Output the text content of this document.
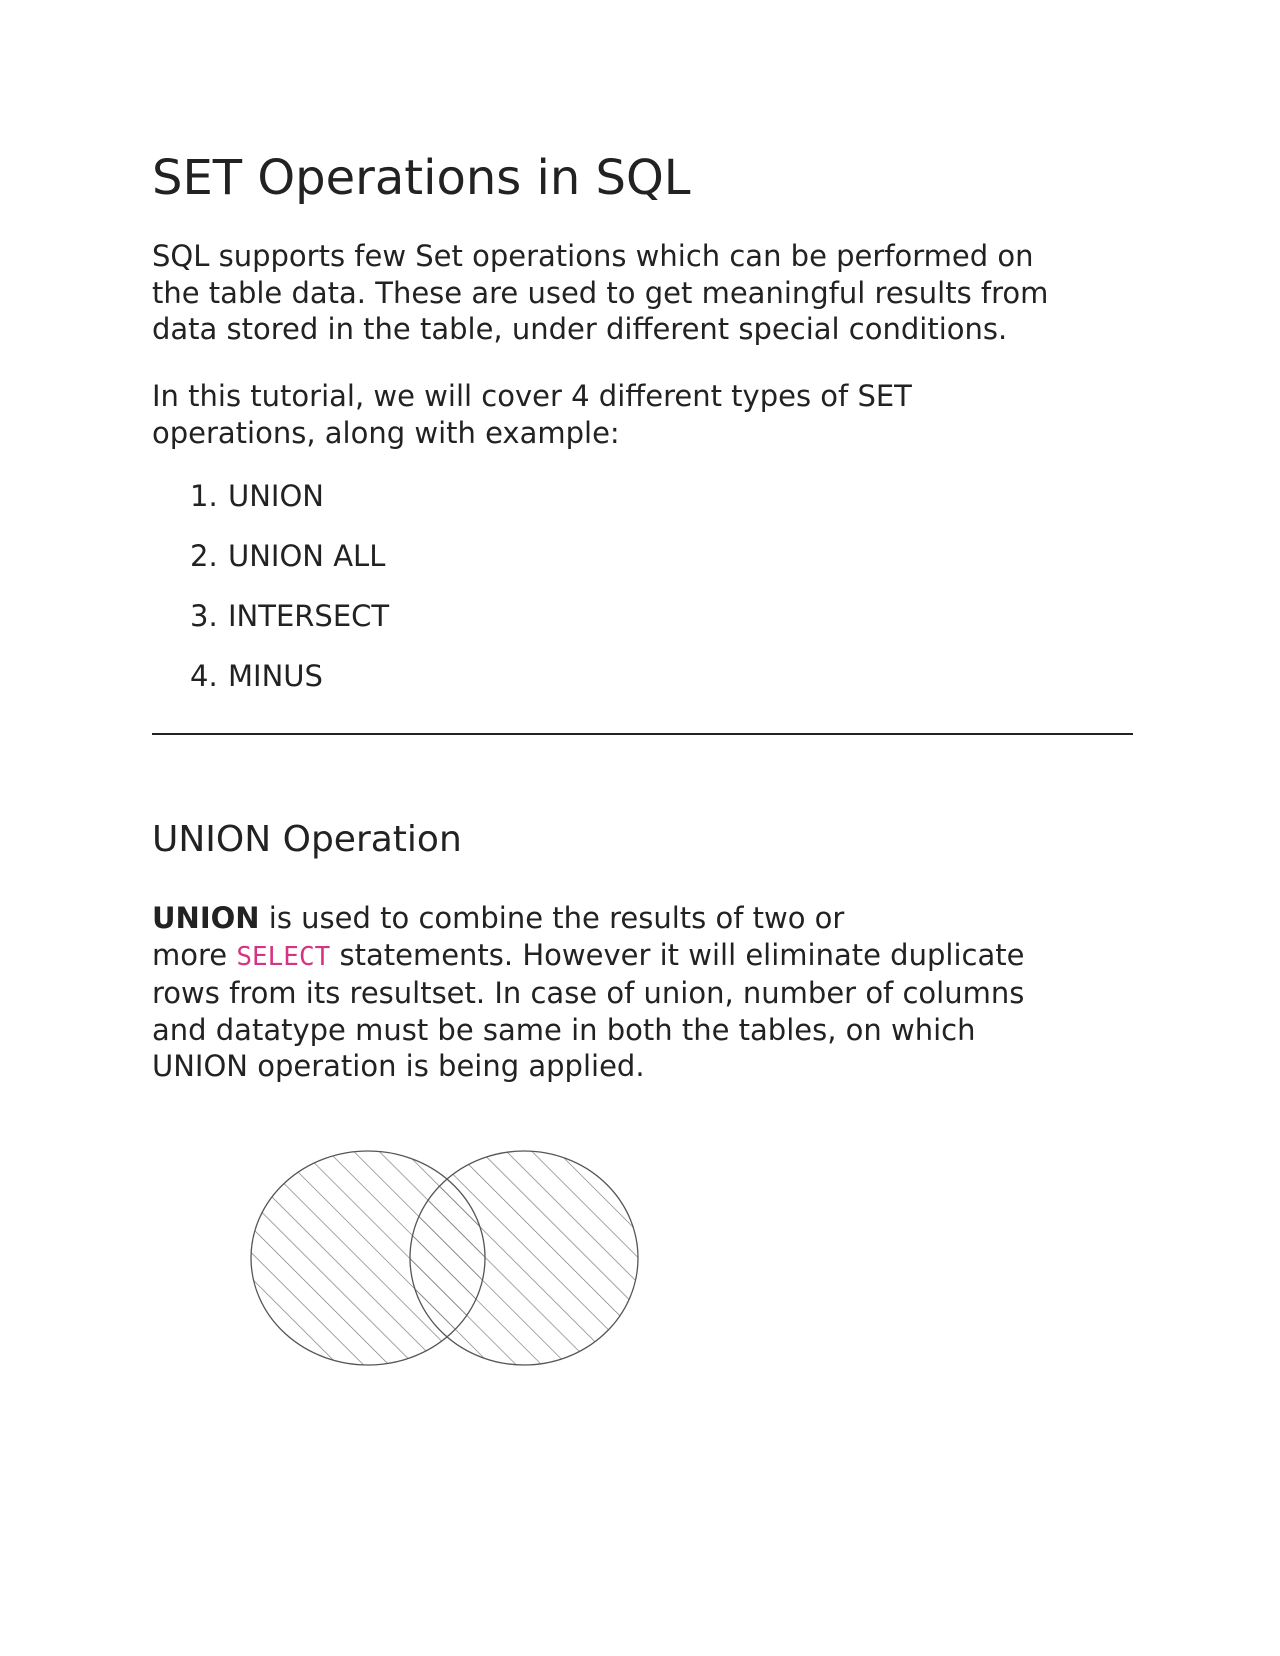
SET Operations in SQL

SQL supports few Set operations which can be performed on
the table data. These are used to get meaningful results from
data stored in the table, under different special conditions.

In this tutorial, we will cover 4 different types of SET
operations, along with example:

1. UNION
2. UNION ALL
3. INTERSECT
4. MINUS
UNION Operation

UNION is used to combine the results of two or
more SELECT statements. However it will eliminate duplicate
rows from its resultset. In case of union, number of columns
and datatype must be same in both the tables, on which
UNION operation is being applied.
